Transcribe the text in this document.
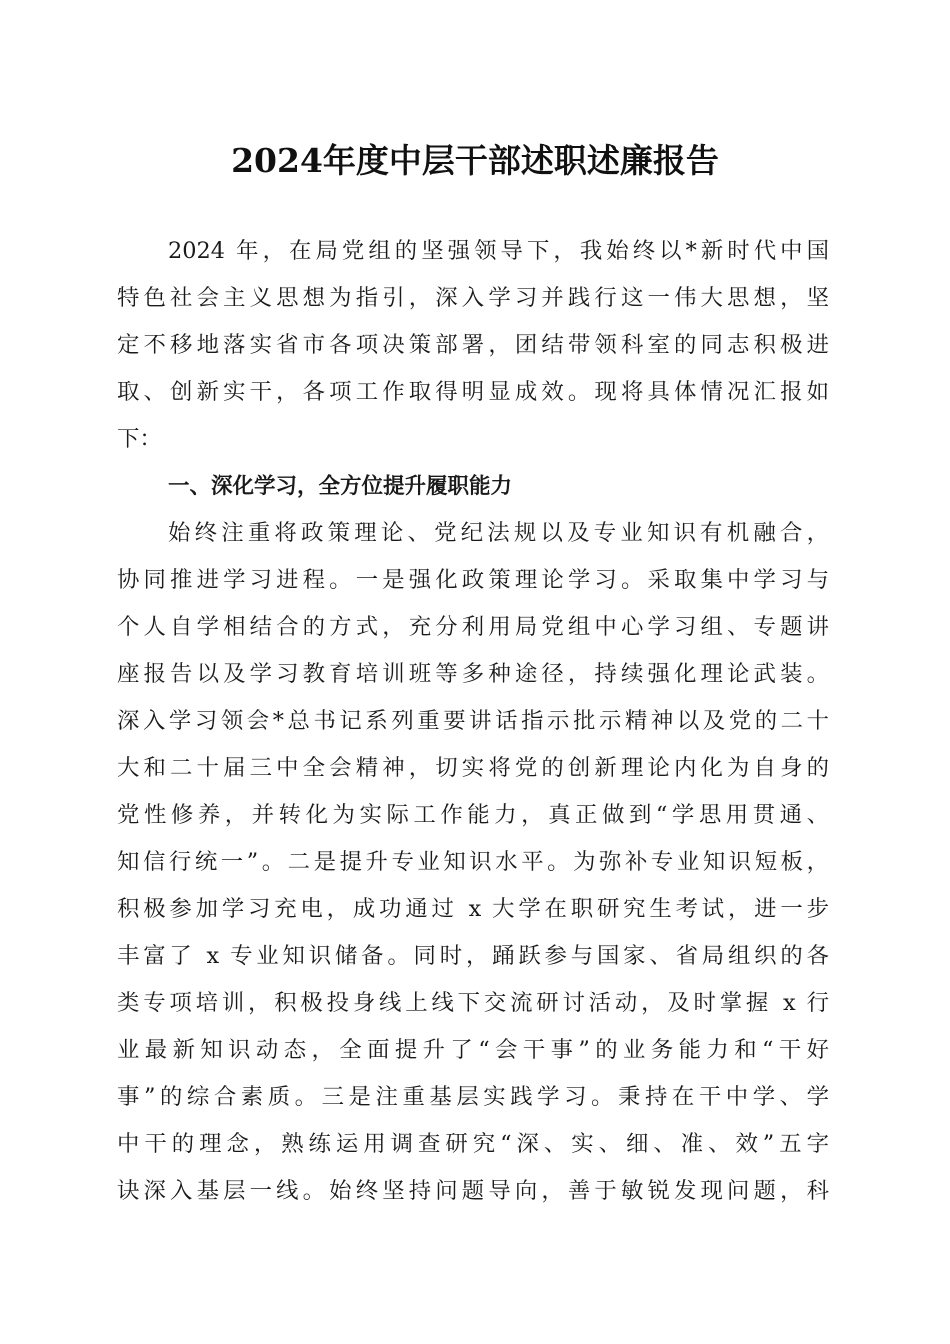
2024年度中层干部述职述廉报告
2024 年，在局党组的坚强领导下，我始终以*新时代中国
特色社会主义思想为指引，深入学习并践行这一伟大思想，坚
定不移地落实省市各项决策部署，团结带领科室的同志积极进
取、创新实干，各项工作取得明显成效。现将具体情况汇报如
下：
一、深化学习，全方位提升履职能力
始终注重将政策理论、党纪法规以及专业知识有机融合，
协同推进学习进程。一是强化政策理论学习。采取集中学习与
个人自学相结合的方式，充分利用局党组中心学习组、专题讲
座报告以及学习教育培训班等多种途径，持续强化理论武装。
深入学习领会*总书记系列重要讲话指示批示精神以及党的二十
大和二十届三中全会精神，切实将党的创新理论内化为自身的
党性修养，并转化为实际工作能力，真正做到“学思用贯通、
知信行统一”。二是提升专业知识水平。为弥补专业知识短板，
积极参加学习充电，成功通过 x 大学在职研究生考试，进一步
丰富了 x 专业知识储备。同时，踊跃参与国家、省局组织的各
类专项培训，积极投身线上线下交流研讨活动，及时掌握 x 行
业最新知识动态，全面提升了“会干事”的业务能力和“干好
事”的综合素质。三是注重基层实践学习。秉持在干中学、学
中干的理念，熟练运用调查研究“深、实、细、准、效”五字
诀深入基层一线。始终坚持问题导向，善于敏锐发现问题，科
